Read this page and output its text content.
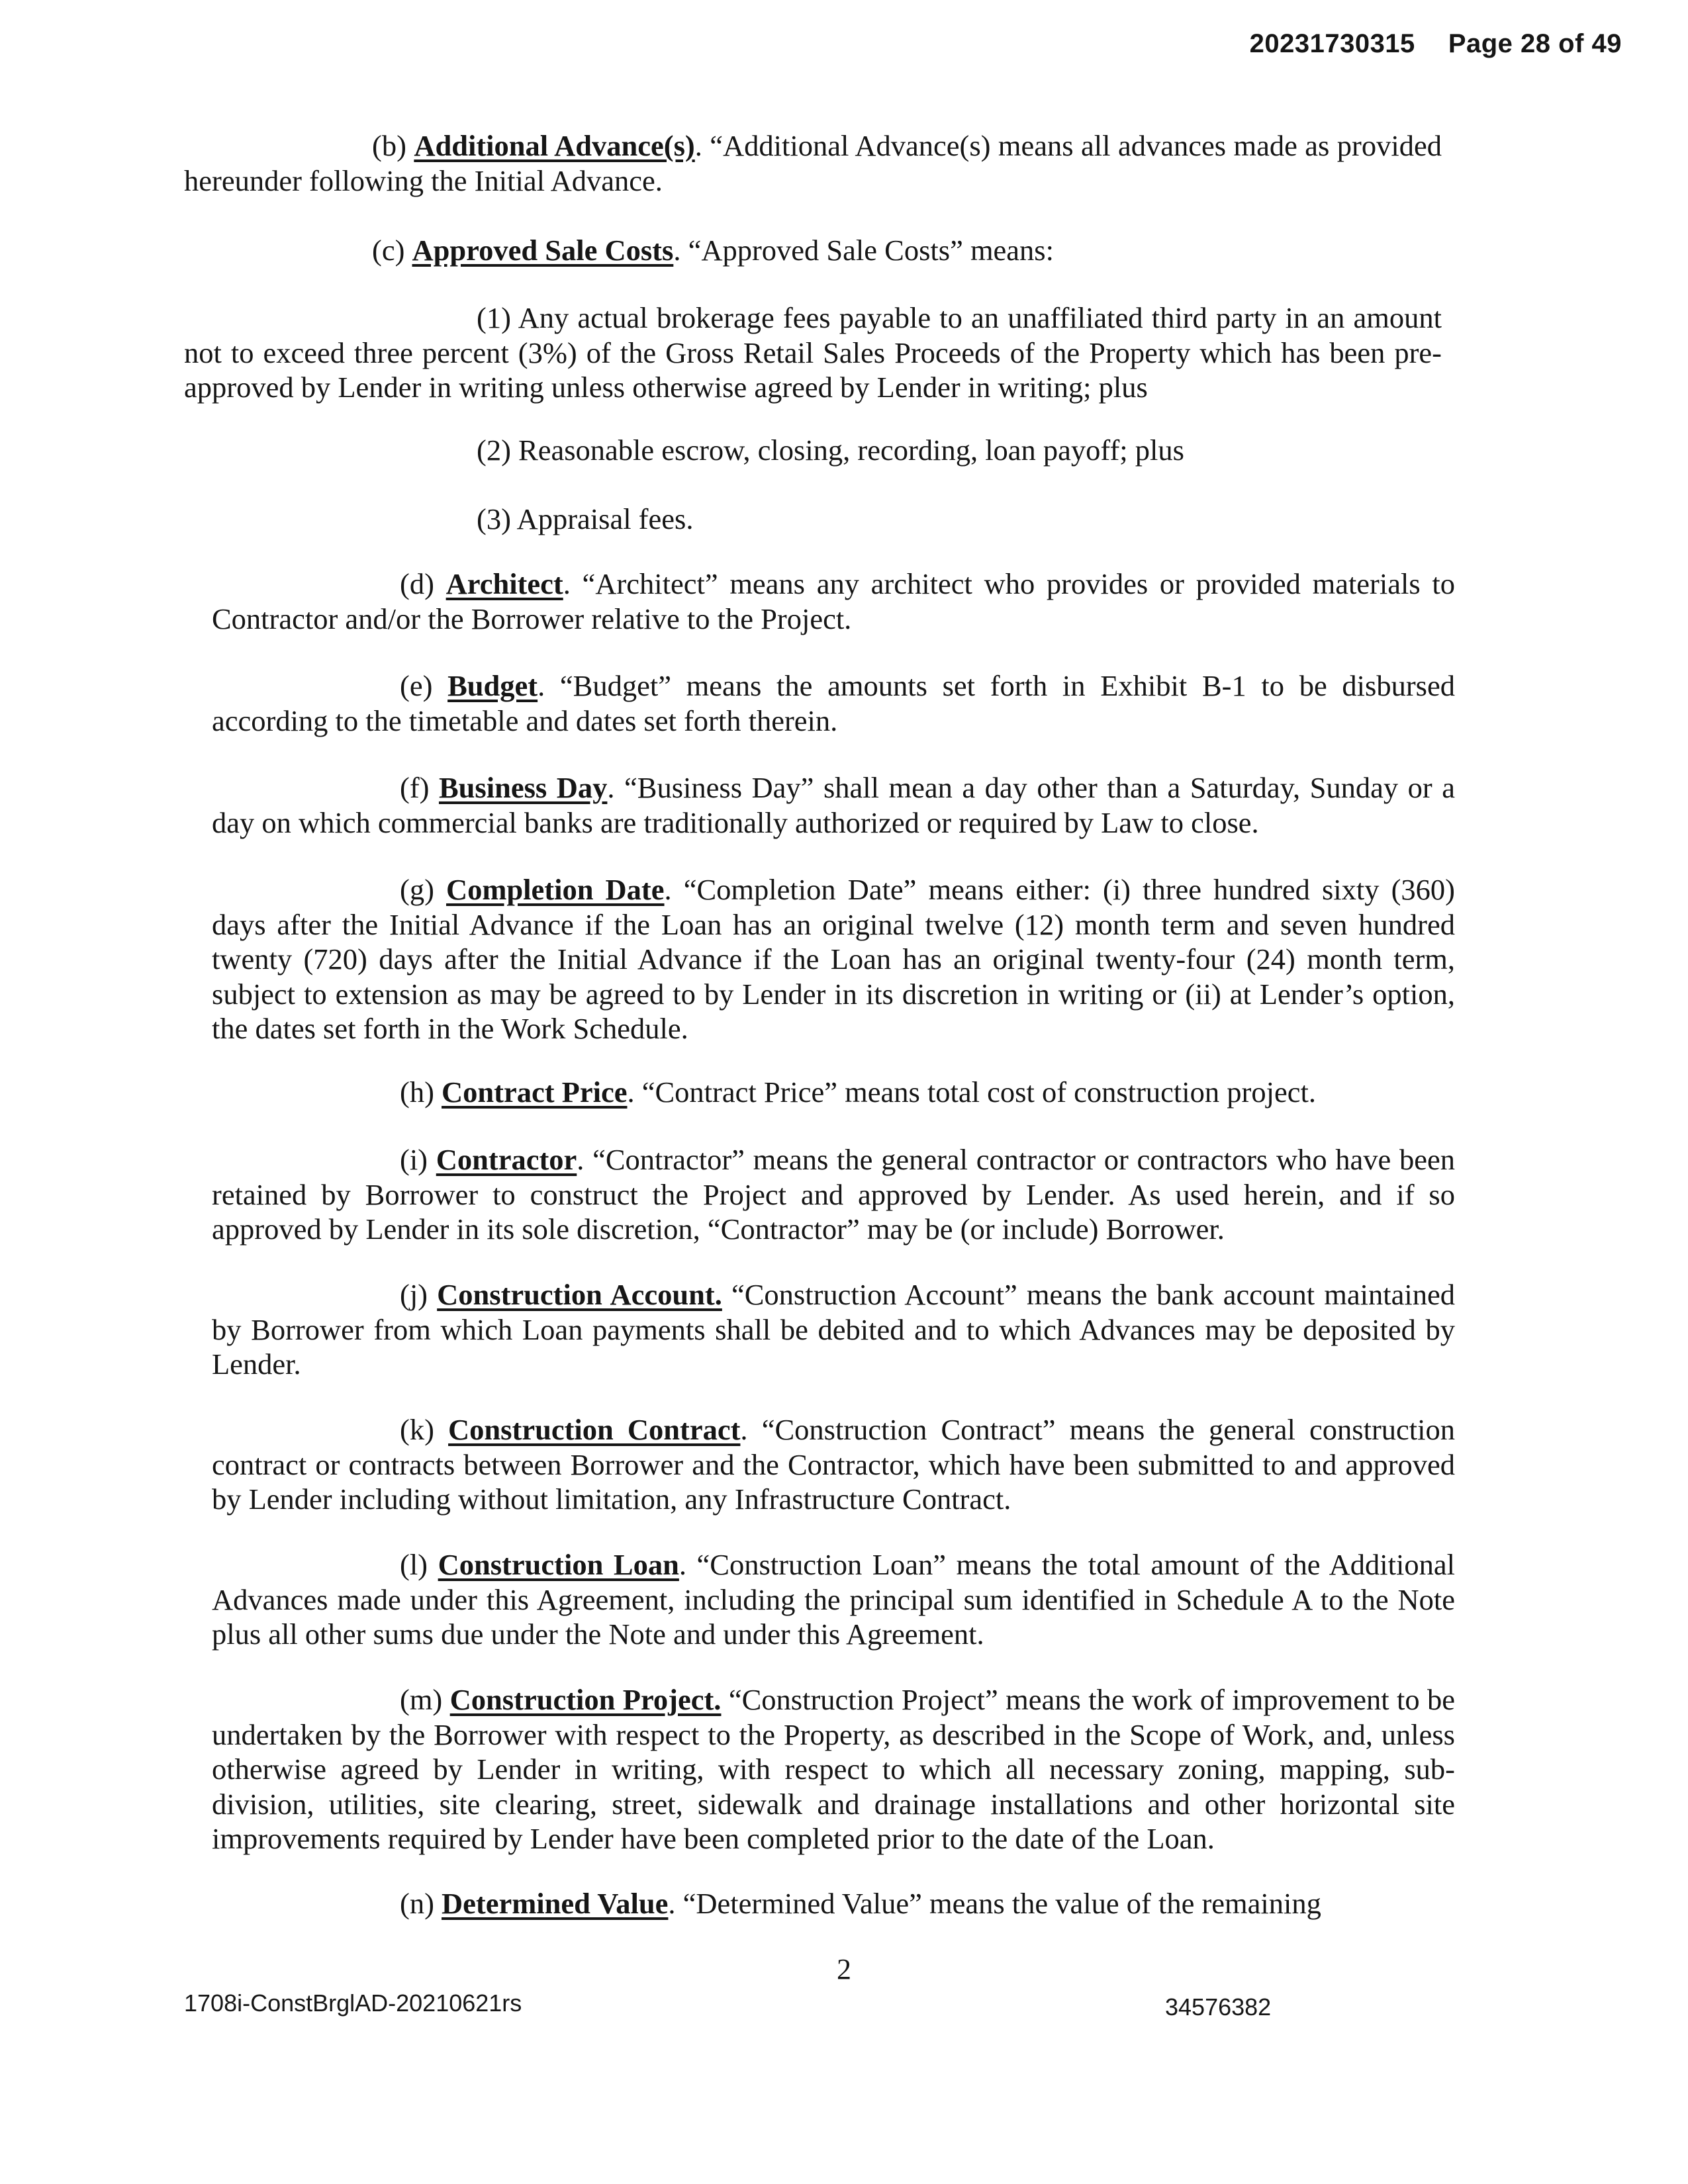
20231730315 Page 28 of 49

(b) Additional Advance(s). “Additional Advance(s) means all advances made as provided hereunder following the Initial Advance.

(c) Approved Sale Costs. “Approved Sale Costs” means:

(1) Any actual brokerage fees payable to an unaffiliated third party in an amount not to exceed three percent (3%) of the Gross Retail Sales Proceeds of the Property which has been pre-approved by Lender in writing unless otherwise agreed by Lender in writing; plus

(2) Reasonable escrow, closing, recording, loan payoff; plus

(3) Appraisal fees.

(d) Architect. “Architect” means any architect who provides or provided materials to Contractor and/or the Borrower relative to the Project.

(e) Budget. “Budget” means the amounts set forth in Exhibit B-1 to be disbursed according to the timetable and dates set forth therein.

(f) Business Day. “Business Day” shall mean a day other than a Saturday, Sunday or a day on which commercial banks are traditionally authorized or required by Law to close.

(g) Completion Date. “Completion Date” means either: (i) three hundred sixty (360) days after the Initial Advance if the Loan has an original twelve (12) month term and seven hundred twenty (720) days after the Initial Advance if the Loan has an original twenty-four (24) month term, subject to extension as may be agreed to by Lender in its discretion in writing or (ii) at Lender’s option, the dates set forth in the Work Schedule.

(h) Contract Price. “Contract Price” means total cost of construction project.

(i) Contractor. “Contractor” means the general contractor or contractors who have been retained by Borrower to construct the Project and approved by Lender. As used herein, and if so approved by Lender in its sole discretion, “Contractor” may be (or include) Borrower.

(j) Construction Account. “Construction Account” means the bank account maintained by Borrower from which Loan payments shall be debited and to which Advances may be deposited by Lender.

(k) Construction Contract. “Construction Contract” means the general construction contract or contracts between Borrower and the Contractor, which have been submitted to and approved by Lender including without limitation, any Infrastructure Contract.

(l) Construction Loan. “Construction Loan” means the total amount of the Additional Advances made under this Agreement, including the principal sum identified in Schedule A to the Note plus all other sums due under the Note and under this Agreement.

(m) Construction Project. “Construction Project” means the work of improvement to be undertaken by the Borrower with respect to the Property, as described in the Scope of Work, and, unless otherwise agreed by Lender in writing, with respect to which all necessary zoning, mapping, sub-division, utilities, site clearing, street, sidewalk and drainage installations and other horizontal site improvements required by Lender have been completed prior to the date of the Loan.

(n) Determined Value. “Determined Value” means the value of the remaining

2
1708i-ConstBrglAD-20210621rs	34576382
